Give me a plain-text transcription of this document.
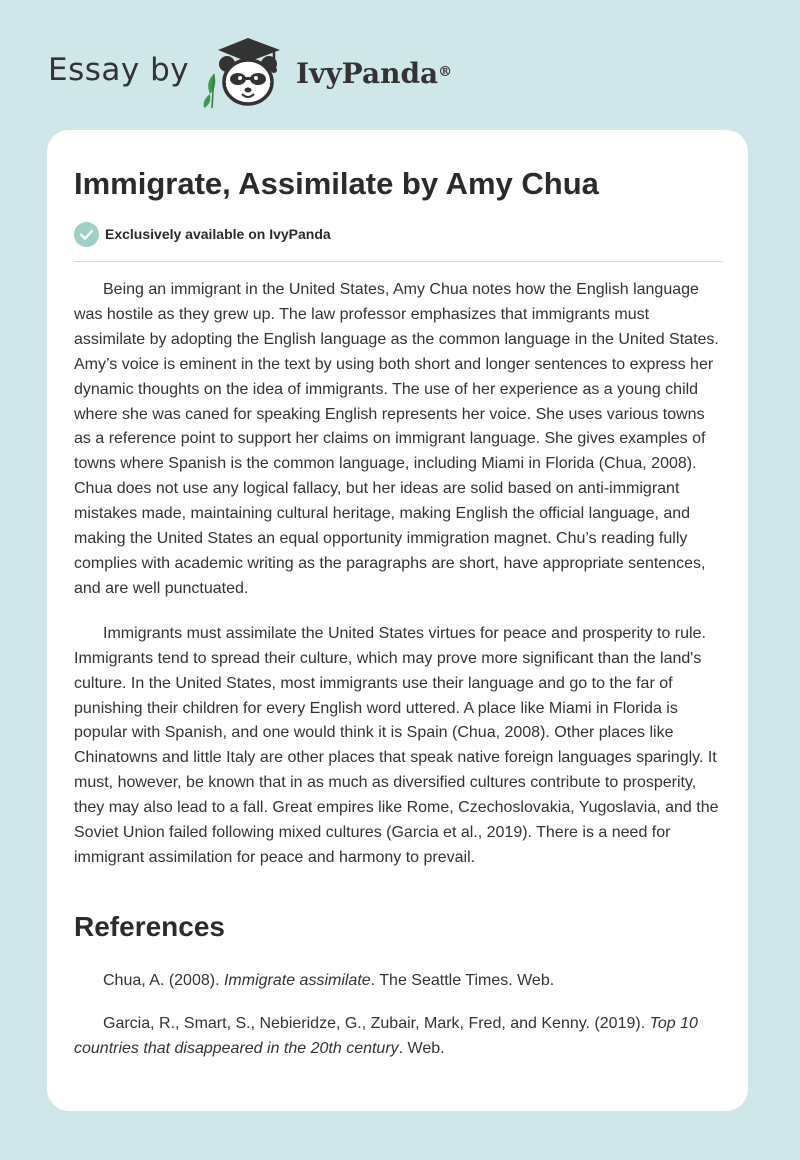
Essay by	IvyPanda®
Immigrate, Assimilate by Amy Chua
Exclusively available on IvyPanda

Being an immigrant in the United States, Amy Chua notes how the English language was hostile as they grew up. The law professor emphasizes that immigrants must assimilate by adopting the English language as the common language in the United States. Amy’s voice is eminent in the text by using both short and longer sentences to express her dynamic thoughts on the idea of immigrants. The use of her experience as a young child where she was caned for speaking English represents her voice. She uses various towns as a reference point to support her claims on immigrant language. She gives examples of towns where Spanish is the common language, including Miami in Florida (Chua, 2008). Chua does not use any logical fallacy, but her ideas are solid based on anti-immigrant mistakes made, maintaining cultural heritage, making English the official language, and making the United States an equal opportunity immigration magnet. Chu’s reading fully complies with academic writing as the paragraphs are short, have appropriate sentences, and are well punctuated.

Immigrants must assimilate the United States virtues for peace and prosperity to rule. Immigrants tend to spread their culture, which may prove more significant than the land's culture. In the United States, most immigrants use their language and go to the far of punishing their children for every English word uttered. A place like Miami in Florida is popular with Spanish, and one would think it is Spain (Chua, 2008). Other places like Chinatowns and little Italy are other places that speak native foreign languages sparingly. It must, however, be known that in as much as diversified cultures contribute to prosperity, they may also lead to a fall. Great empires like Rome, Czechoslovakia, Yugoslavia, and the Soviet Union failed following mixed cultures (Garcia et al., 2019). There is a need for immigrant assimilation for peace and harmony to prevail.

References

Chua, A. (2008). Immigrate assimilate. The Seattle Times. Web.

Garcia, R., Smart, S., Nebieridze, G., Zubair, Mark, Fred, and Kenny. (2019). Top 10 countries that disappeared in the 20th century. Web.
